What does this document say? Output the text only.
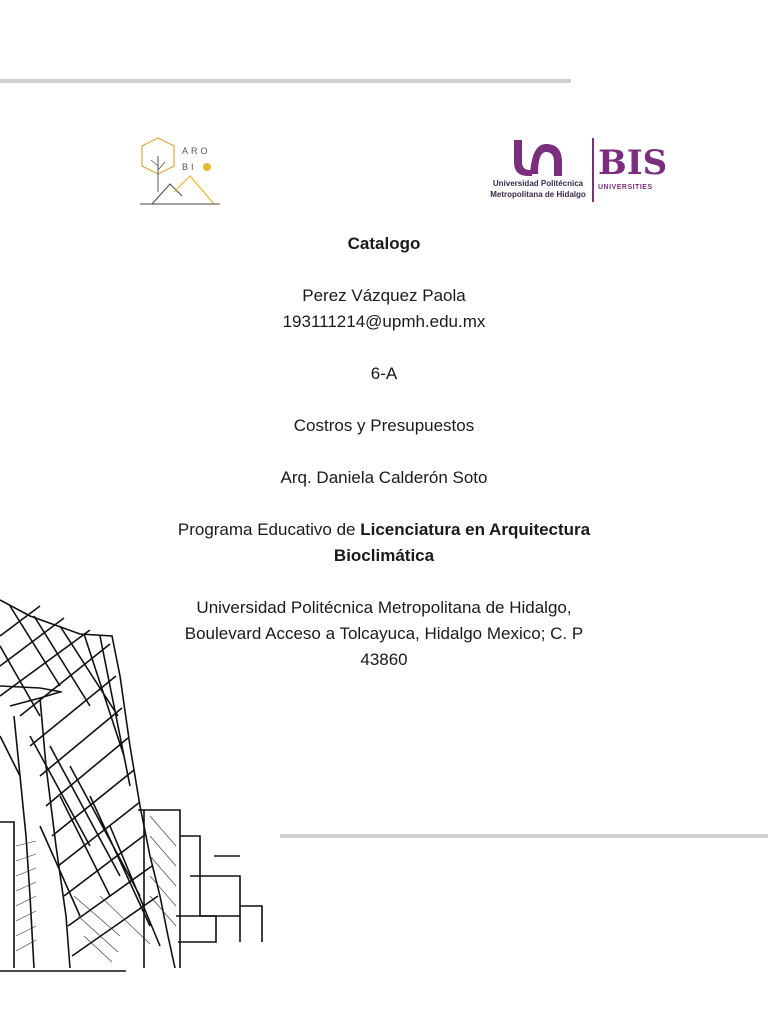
ARO
BI
Universidad Politécnica
Metropolitana de Hidalgo
BIS
UNIVERSITIES

Catalogo

Perez Vázquez Paola

193111214@upmh.edu.mx

6-A

Costros y Presupuestos

Arq. Daniela Calderón Soto

Programa Educativo de Licenciatura en Arquitectura

Bioclimática

Universidad Politécnica Metropolitana de Hidalgo,

Boulevard Acceso a Tolcayuca, Hidalgo Mexico; C. P

43860
